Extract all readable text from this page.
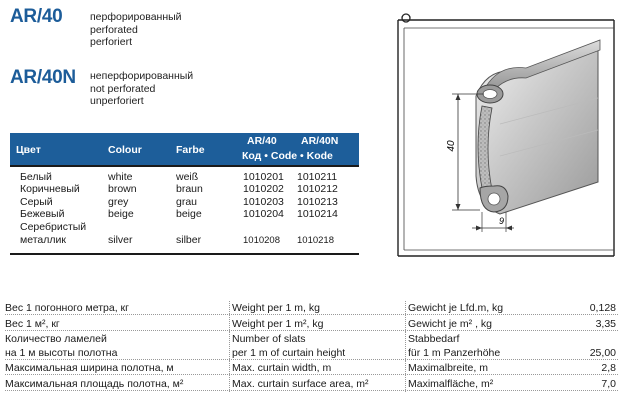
AR/40	перфорированный
perforated
perforiert
AR/40N неперфорированный
not perforated
unperforiert
Цвет	Colour	Farbe
AR/40 AR/40N
Код • Code • Kode
Белый	white	weiß	1010201 1010211
Коричневый	brown	braun	1010202 1010212
Серый	grey	grau	1010203 1010213
Бежевый	beige	beige	1010204 1010214
Серебристый
металлик	silver	silber	1010208 1010218
40
9
Вес 1 погонного метра, кг	Weight per 1 m, kg	Gewicht je Lfd.m, kg	0,128
Вес 1 м², кг	Weight per 1 m², kg	Gewicht je m² , kg	3,35
Количество ламелей	Number of slats	Stabbedarf
на 1 м высоты полотна	per 1 m of curtain height	für 1 m Panzerhöhe	25,00
Максимальная ширина полотна, м	Max. curtain width, m	Maximalbreite, m	2,8
Максимальная площадь полотна, м²	Max. curtain surface area, m²	Maximalfläche, m²	7,0
